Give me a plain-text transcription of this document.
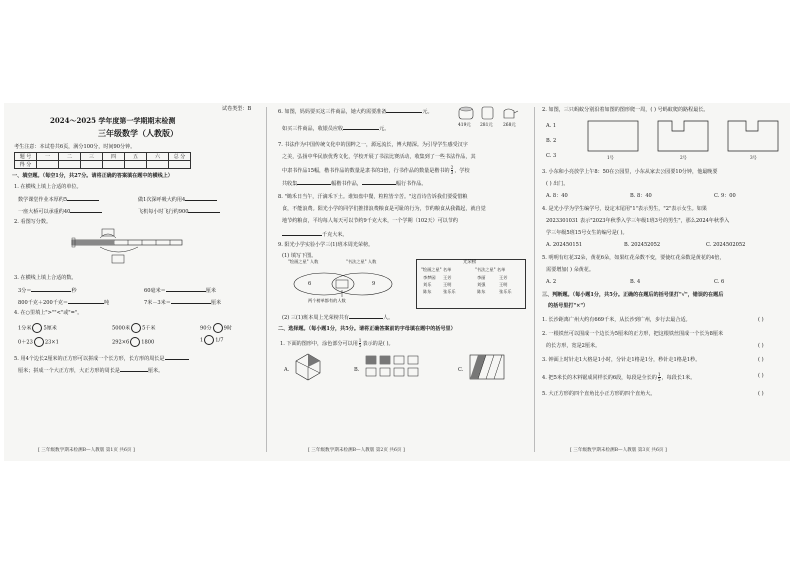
试卷类型：B
2024～2025 学年度第一学期期末检测
三年级数学（人教版）
考生注意：本试卷共6页，满分100分，时间90分钟。
题 号	一	二	三	四	五	六	总 分
得 分							
一、填空题。（每空1分，共27分。请将正确的答案填在题中的横线上）
1. 在横线上填上合适的单位。
数学课堂作业本厚约5	做1次深呼吸大约用4
一座大桥可以承重约40	飞机每小时飞行约900
2. 看图写分数。
3. 在横线上填上合适的数。
3分＝	秒	60毫米＝	厘米
800千克＋200千克＝	吨	7米－3米＝	厘米
4. 在○里填上">""<"或"="。
1分米 5厘米	5000米 5千米	90分 9时
0＋23 23×1	292×6 1800	1 1/7
5. 用4个边长2厘米的正方形可以拼成一个长方形，长方形的周长是
厘米；拼成一个大正方形，大正方形的周长是	厘米。
[ 三年级数学期末检测B—人教版 第1页 共6页 ]
6. 如图，妈妈要买这三件商品，她大约需要准备	元。
如买三件商品，收银员应收	元。
419元 281元 268元
7. 书法作为中国传统文化中的国粹之一，源远流长，博大精深。为引导学生感受汉字
之美，弘扬中华民族优秀文化，学校开展了书法比赛活动，收集到了一些书法作品，其
中隶书作品15幅，楷书作品的数量是隶书的3倍，行书作品的数量是楷书的 $\frac{2}{3}$ ，学校
共收集	幅楷书作品，	幅行书作品。
8. "锄禾日当午，汗滴禾下土。谁知盘中餐，粒粒皆辛苦。"这首诗告诉我们要爱惜粮
食，不能浪费。阳光小学的同学们推排浪费粮食是可耻的行为，节约粮食从我做起，就自觉
地节约粮食，平均每人每天可以节约9千克大米，一个学期（102天）可以节约
千克大米。
9. 阳光小学实验小学三(1)班本周光荣榜。
(1) 填写下图。
"绘画之星" 人数	"书法之星" 人数
6	9
两个榜单都有的人数
光荣榜
"绘画之星" 名单	"书法之星" 名单
李梦园 王芳
刘乐	王明
陈东	张乐乐
李丽	王芳
刘强	王明
陈东	张乐乐
(2) 三(1)班本周上光荣榜共有	人。
二、选择题。（每小题1分，共5分。请将正确答案前的字母填在题中的括号里）
1. 下面的图形中，涂色部分可以用 $\frac{1}{5}$ 表示的是( )。
A.	B.	C.
[ 三年级数学期末检测B—人教版 第2页 共6页 ]
2. 如图，三只蚂蚁分别沿着如图的图形爬一周，( ) 号蚂蚁爬的路程最长。
A. 1
B. 2
C. 3	1号	2号	3号
3. 小东和小亮放学上午8：50在公园里，小东从家去公园要10分钟，他最晚要
( ) 出门。
A. 8：40	B. 8：40	C. 9：00
4. 是光小学为学生编学号，设定末尾用"1"表示男生，"2"表示女生。如果
2023301031 表示"2023年秋季入学三年级1班3号的男生"，那么2024年秋季入
学三年级5班15号女生的编号是( )。
A. 202450151	B. 202452052	C. 2024502052
5. 明明有红花32朵，黄花6朵，如果红花朵数不变，要使红花朵数是黄花的4倍，
需要增加( ) 朵黄花。
A. 2	B. 4	C. 6
三、判断题。（每小题1分，共5分。正确的在题后的括号里打"√"，错误的在题后
的括号里打"×"）
1. 长沙距离广州大约有669千米，从长沙到广州，步行去最合适。	( )
2. 一根铁丝可以围成一个边长为5厘米的正方形，把这根铁丝围成一个长为8厘米
的长方形，宽是2厘米。	( )
3. 钟面上时针走1大格是1小时，分针走1格是1分，秒针走1格是1秒。	( )
4. 把5米长的木料锯成同样长的6段，每段是全长的 $\frac{1}{5}$ ，每段长1米。	( )
5. 大正方形的四个直角比小正方形的四个直角大。	( )
[ 三年级数学期末检测B—人教版 第3页 共6页 ]
